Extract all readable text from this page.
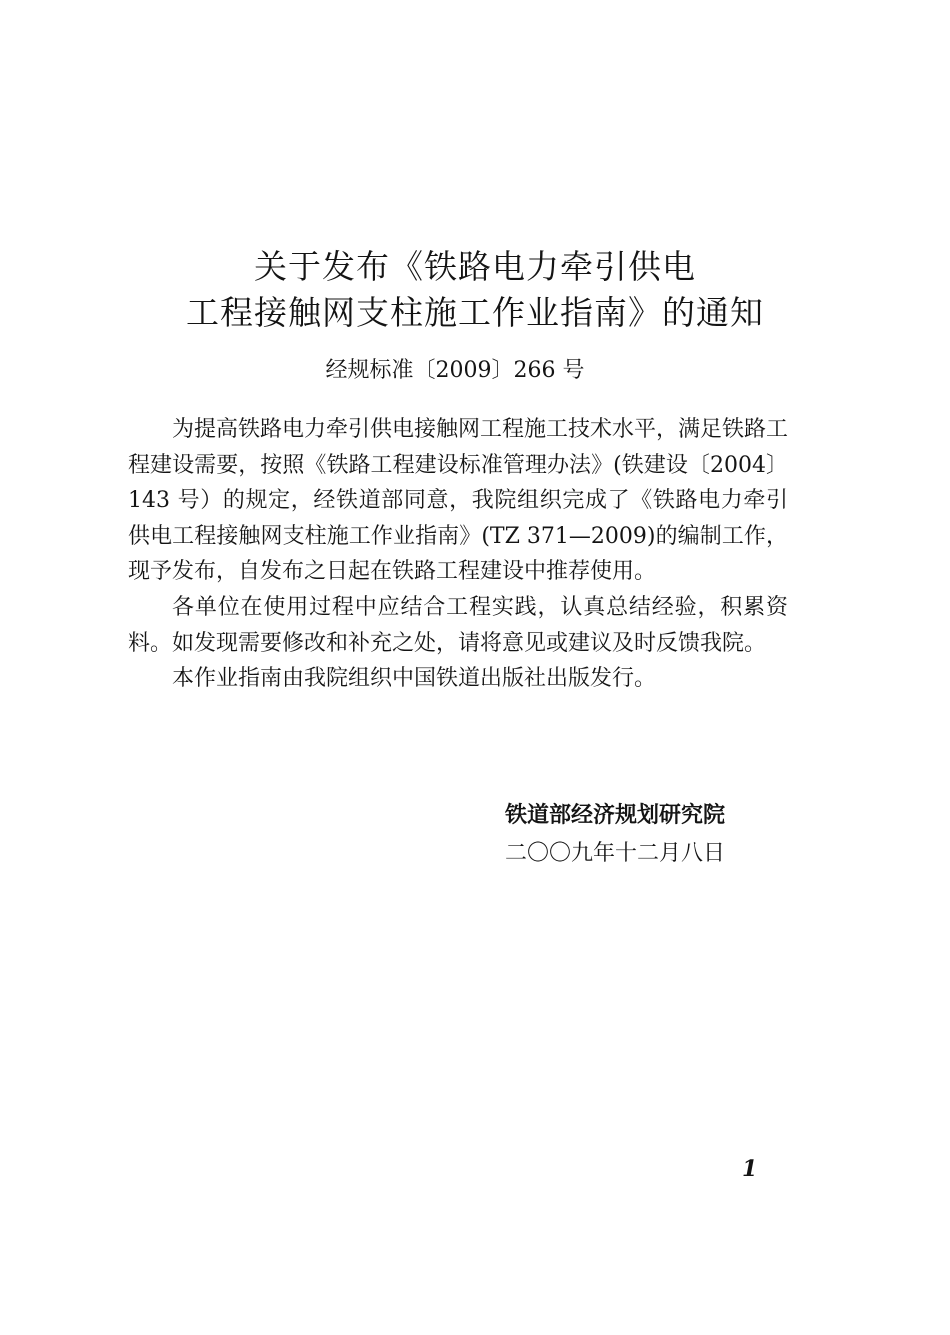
关于发布《铁路电力牵引供电
工程接触网支柱施工作业指南》的通知
经规标准〔2009〕266 号

为提高铁路电力牵引供电接触网工程施工技术水平，满足铁路工程建设需要，按照《铁路工程建设标准管理办法》(铁建设〔2004〕143 号）的规定，经铁道部同意，我院组织完成了《铁路电力牵引供电工程接触网支柱施工作业指南》(TZ 371—2009)的编制工作，现予发布，自发布之日起在铁路工程建设中推荐使用。

各单位在使用过程中应结合工程实践，认真总结经验，积累资料。如发现需要修改和补充之处，请将意见或建议及时反馈我院。

本作业指南由我院组织中国铁道出版社出版发行。

铁道部经济规划研究院
二〇〇九年十二月八日
1
